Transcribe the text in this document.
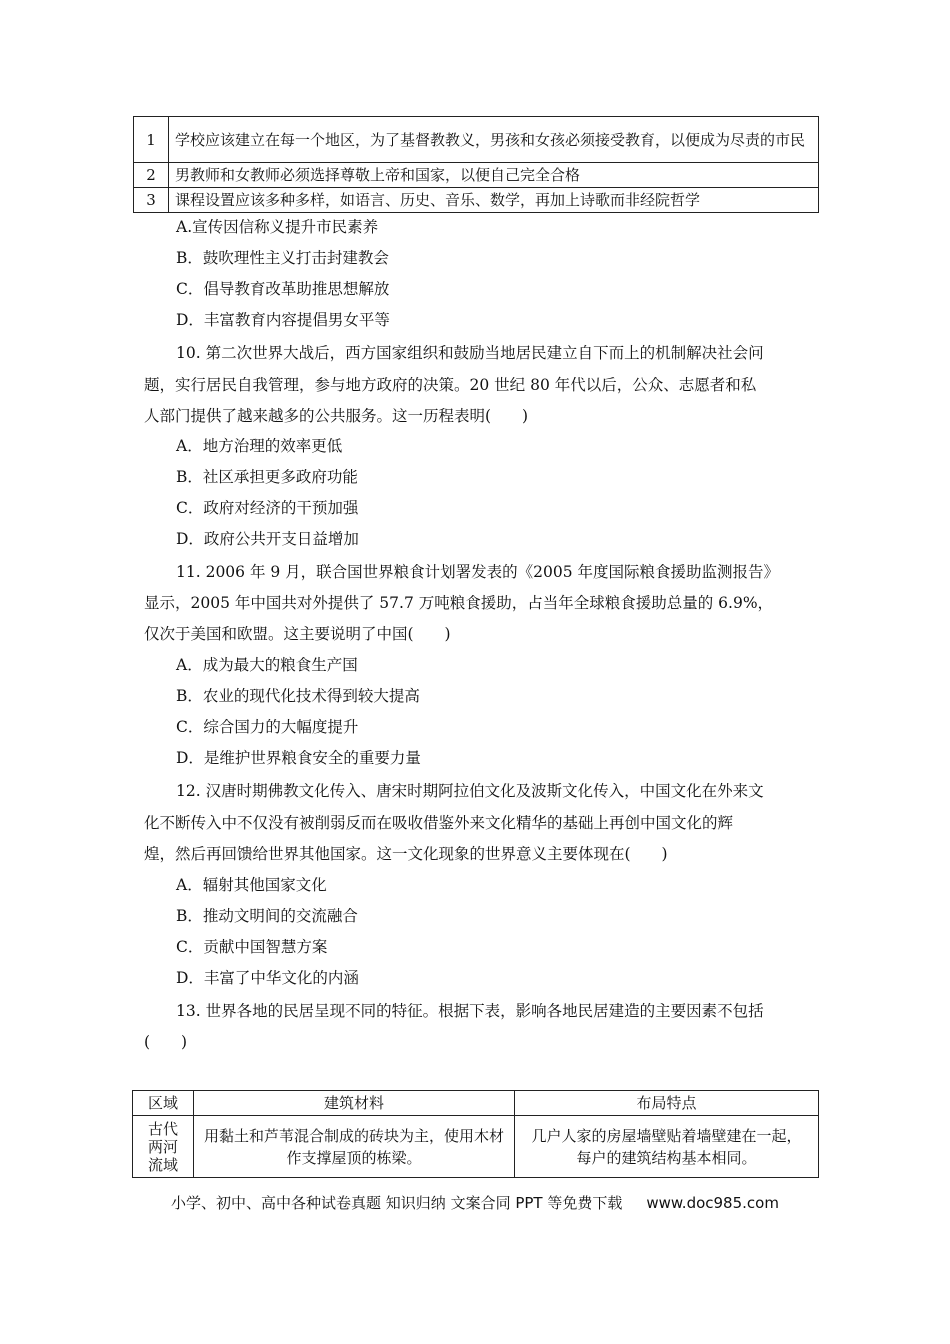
1	学校应该建立在每一个地区，为了基督教教义，男孩和女孩必须接受教育，以便成为尽责的市民
2	男教师和女教师必须选择尊敬上帝和国家，以便自己完全合格
3	课程设置应该多种多样，如语言、历史、音乐、数学，再加上诗歌而非经院哲学
A.宣传因信称义提升市民素养
B．鼓吹理性主义打击封建教会
C．倡导教育改革助推思想解放
D．丰富教育内容提倡男女平等
10. 第二次世界大战后，西方国家组织和鼓励当地居民建立自下而上的机制解决社会问
题，实行居民自我管理，参与地方政府的决策。20 世纪 80 年代以后，公众、志愿者和私
人部门提供了越来越多的公共服务。这一历程表明(　　)
A．地方治理的效率更低
B．社区承担更多政府功能
C．政府对经济的干预加强
D．政府公共开支日益增加
11. 2006 年 9 月，联合国世界粮食计划署发表的《2005 年度国际粮食援助监测报告》
显示，2005 年中国共对外提供了 57.7 万吨粮食援助，占当年全球粮食援助总量的 6.9%，
仅次于美国和欧盟。这主要说明了中国(　　)
A．成为最大的粮食生产国
B．农业的现代化技术得到较大提高
C．综合国力的大幅度提升
D．是维护世界粮食安全的重要力量
12. 汉唐时期佛教文化传入、唐宋时期阿拉伯文化及波斯文化传入，中国文化在外来文
化不断传入中不仅没有被削弱反而在吸收借鉴外来文化精华的基础上再创中国文化的辉
煌，然后再回馈给世界其他国家。这一文化现象的世界意义主要体现在(　　)
A．辐射其他国家文化
B．推动文明间的交流融合
C．贡献中国智慧方案
D．丰富了中华文化的内涵
13. 世界各地的民居呈现不同的特征。根据下表，影响各地民居建造的主要因素不包括
(　　)
区域	建筑材料	布局特点

古代
两河
流域	用黏土和芦苇混合制成的砖块为主，使用木材作支撑屋顶的栋梁。	几户人家的房屋墙壁贴着墙壁建在一起，每户的建筑结构基本相同。
小学、初中、高中各种试卷真题 知识归纳 文案合同 PPT 等免费下载 www.doc985.com
